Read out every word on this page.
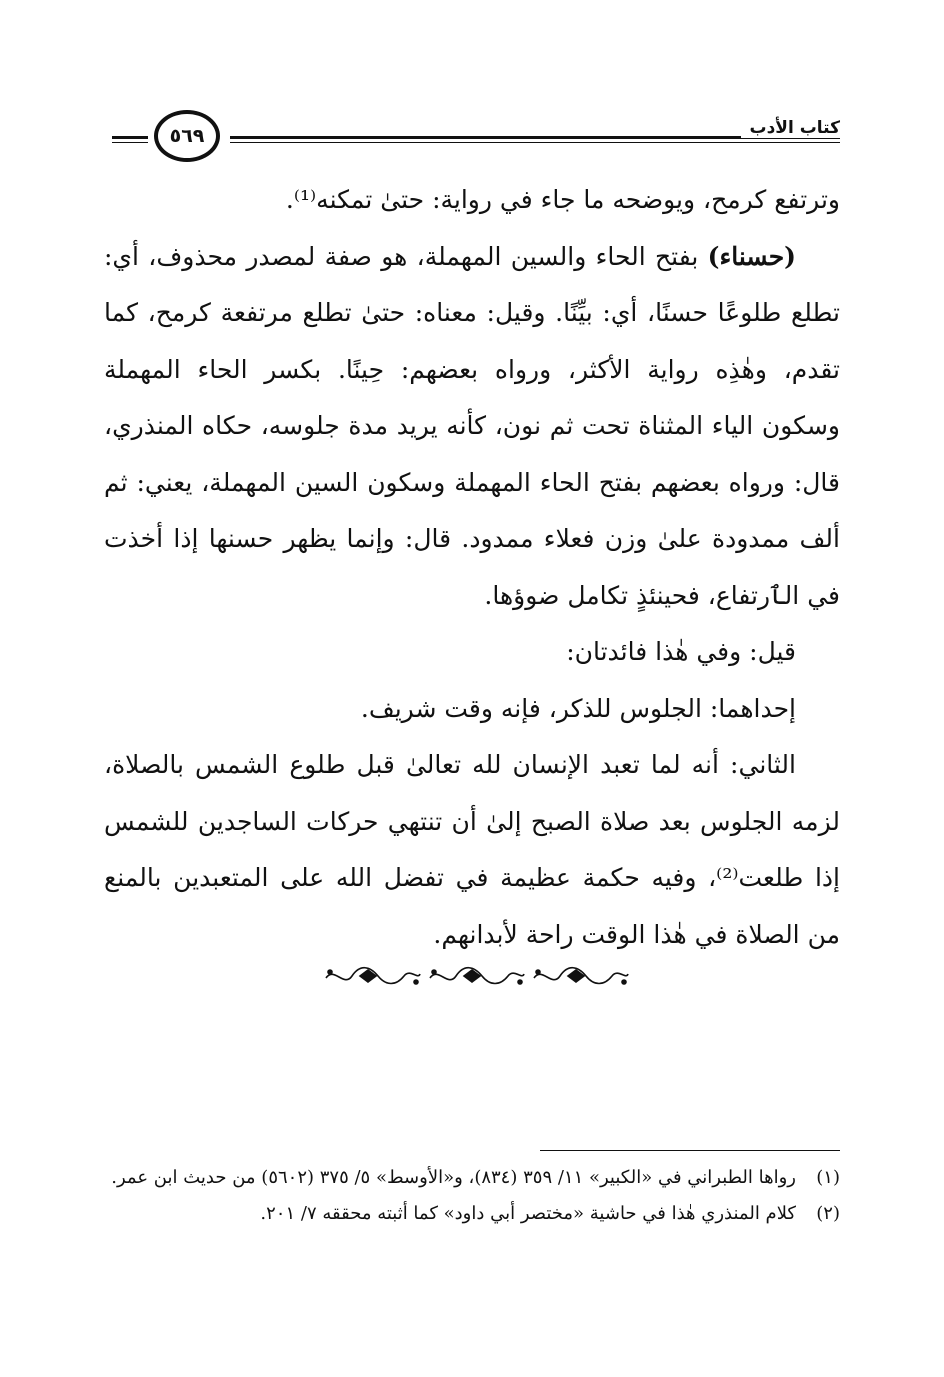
كتاب الأدب
٥٦٩

وترتفع كرمح، ويوضحه ما جاء في رواية: حتىٰ تمكنه⁽¹⁾.

(حسناء) بفتح الحاء والسين المهملة، هو صفة لمصدر محذوف، أي: تطلع طلوعًا حسنًا، أي: بيِّنًا. وقيل: معناه: حتىٰ تطلع مرتفعة كرمح، كما تقدم، وهٰذِه رواية الأكثر، ورواه بعضهم: حِينًا. بكسر الحاء المهملة وسكون الياء المثناة تحت ثم نون، كأنه يريد مدة جلوسه، حكاه المنذري، قال: ورواه بعضهم بفتح الحاء المهملة وسكون السين المهملة، يعني: ثم ألف ممدودة علىٰ وزن فعلاء ممدود. قال: وإنما يظهر حسنها إذا أخذت في الٱرتفاع، فحينئذٍ تكامل ضوؤها.

قيل: وفي هٰذا فائدتان:

إحداهما: الجلوس للذكر، فإنه وقت شريف.

الثاني: أنه لما تعبد الإنسان لله تعالىٰ قبل طلوع الشمس بالصلاة، لزمه الجلوس بعد صلاة الصبح إلىٰ أن تنتهي حركات الساجدين للشمس إذا طلعت⁽²⁾، وفيه حكمة عظيمة في تفضل الله على المتعبدين بالمنع من الصلاة في هٰذا الوقت راحة لأبدانهم.

(١)رواها الطبراني في «الكبير» ١١/ ٣٥٩ (٨٣٤)، و«الأوسط» ٥/ ٣٧٥ (٥٦٠٢) من حديث ابن عمر.

(٢)كلام المنذري هٰذا في حاشية «مختصر أبي داود» كما أثبته محققه ٧/ ٢٠١.
